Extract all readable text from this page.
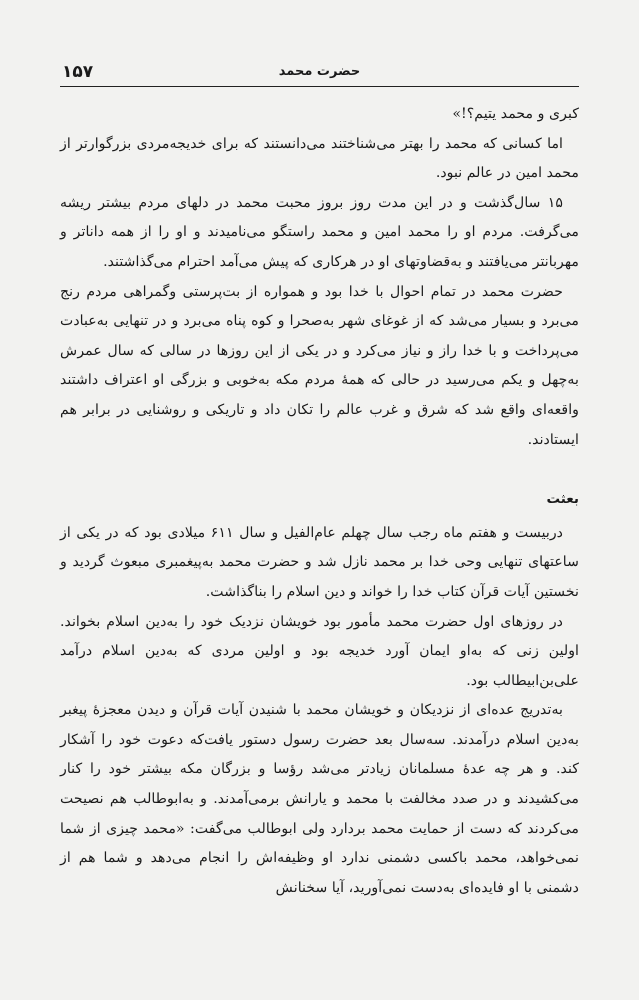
۱۵۷	حضرت محمد

کبری و محمد یتیم؟!»

اما کسانی که محمد را بهتر می‌شناختند می‌دانستند که برای خدیجه‌مردی بزرگوارتر از محمد امین در عالم نبود.

۱۵ سال‌گذشت و در این مدت روز بروز محبت محمد در دلهای مردم بیشتر ریشه می‌گرفت. مردم او را محمد امین و محمد راستگو می‌نامیدند و او را از همه داناتر و مهربانتر می‌یافتند و به‌قضاوتهای او در هرکاری که پیش می‌آمد احترام می‌گذاشتند.

حضرت محمد در تمام احوال با خدا بود و همواره از بت‌پرستی وگمراهی مردم رنج می‌برد و بسیار می‌شد که از غوغای شهر به‌صحرا و کوه پناه می‌برد و در تنهایی به‌عبادت می‌پرداخت و با خدا راز و نیاز می‌کرد و در یکی از این روزها در سالی که سال عمرش به‌چهل و یکم می‌رسید در حالی که همهٔ مردم مکه به‌خوبی و بزرگی او اعتراف داشتند واقعه‌ای واقع شد که شرق و غرب عالم را تکان داد و تاریکی و روشنایی در برابر هم ایستادند.

بعثت

دربیست و هفتم ماه رجب سال چهلم عام‌الفیل و سال ۶۱۱ میلادی بود که در یکی از ساعتهای تنهایی وحی خدا بر محمد نازل شد و حضرت محمد به‌پیغمبری مبعوث گردید و نخستین آیات قرآن کتاب خدا را خواند و دین اسلام را بناگذاشت.

در روزهای اول حضرت محمد مأمور بود خویشان نزدیک خود را به‌دین اسلام بخواند. اولین زنی که به‌او ایمان آورد خدیجه بود و اولین مردی که به‌دین اسلام درآمد علی‌بن‌ابیطالب بود.

به‌تدریج عده‌ای از نزدیکان و خویشان محمد با شنیدن آیات قرآن و دیدن معجزهٔ پیغبر به‌دین اسلام درآمدند. سه‌سال بعد حضرت رسول دستور یافت‌که دعوت خود را آشکار کند. و هر چه عدهٔ مسلمانان زیادتر می‌شد رؤسا و بزرگان مکه بیشتر خود را کنار می‌کشیدند و در صدد مخالفت با محمد و یارانش برمی‌آمدند. و به‌ابوطالب هم نصیحت می‌کردند که دست از حمایت محمد بردارد ولی ابوطالب می‌گفت: «محمد چیزی از شما نمی‌خواهد، محمد باکسی دشمنی ندارد او وظیفه‌اش را انجام می‌دهد و شما هم از دشمنی با او فایده‌ای به‌دست نمی‌آورید، آیا سخنانش
